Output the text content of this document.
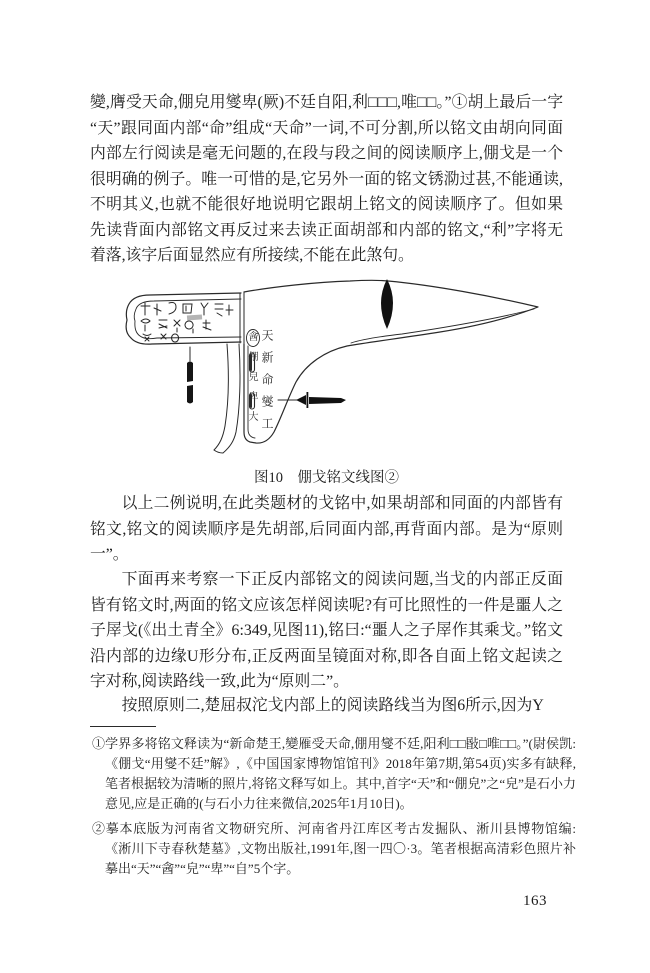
變,膺受天命,倗皃用燮卑(厥)不廷自阳,利□□□,唯□□。”①胡上最后一字“天”跟同面内部“命”组成“天命”一词,不可分割,所以铭文由胡向同面内部左行阅读是毫无问题的,在段与段之间的阅读顺序上,倗戈是一个很明确的例子。唯一可惜的是,它另外一面的铭文锈泐过甚,不能通读,不明其义,也就不能很好地说明它跟胡上铭文的阅读顺序了。但如果先读背面内部铭文再反过来去读正面胡部和内部的铭文,“利”字将无着落,该字后面显然应有所接续,不能在此煞句。

酓倗皃卑大 天新命燮工
图10 倗戈铭文线图②

以上二例说明,在此类题材的戈铭中,如果胡部和同面的内部皆有铭文,铭文的阅读顺序是先胡部,后同面内部,再背面内部。是为“原则一”。

下面再来考察一下正反内部铭文的阅读问题,当戈的内部正反面皆有铭文时,两面的铭文应该怎样阅读呢?有可比照性的一件是噩人之子屖戈(《出土青全》6:349,见图11),铭曰:“噩人之子屖作其乘戈。”铭文沿内部的边缘U形分布,正反两面呈镜面对称,即各自面上铭文起读之字对称,阅读路线一致,此为“原则二”。

按照原则二,楚屈叔沱戈内部上的阅读路线当为图6所示,因为Y

①学界多将铭文释读为“新命楚王,變雁受天命,倗用燮不廷,阳利□□敯□唯□□。”(尉侯凯:《倗戈“用燮不廷”解》,《中国国家博物馆馆刊》2018年第7期,第54页)实多有缺释,笔者根据较为清晰的照片,将铭文释写如上。其中,首字“天”和“倗皃”之“皃”是石小力意见,应是正确的(与石小力往来微信,2025年1月10日)。

②摹本底版为河南省文物研究所、河南省丹江库区考古发掘队、淅川县博物馆编:《淅川下寺春秋楚墓》,文物出版社,1991年,图一四〇·3。笔者根据高清彩色照片补摹出“天”“酓”“皃”“卑”“自”5个字。

163
